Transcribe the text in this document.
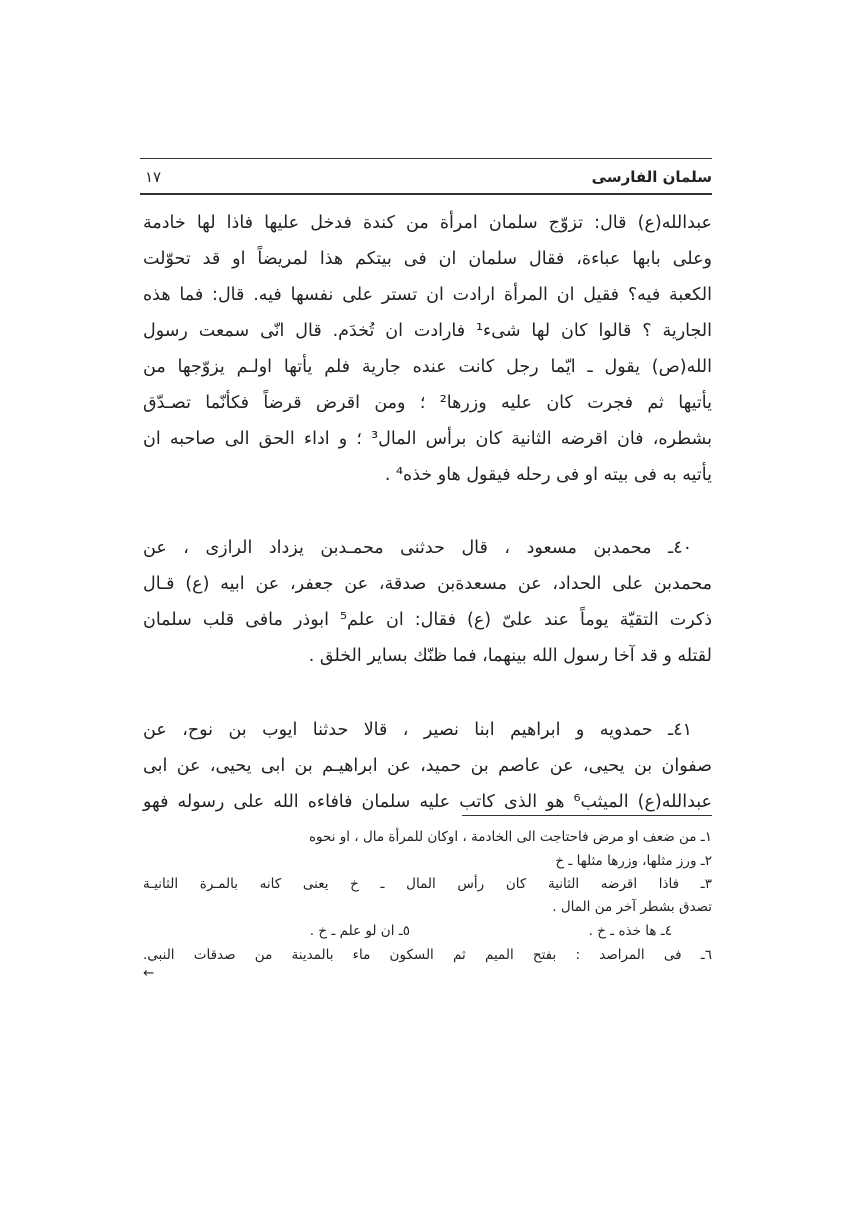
١٧	سلمان الفارسی
عبدالله(ع) قال: تزوّج سلمان امرأة من کندة فدخل علیها فاذا لها خادمة
وعلی بابها عباءة، فقال سلمان ان فی بیتکم هذا لمریضاً او قد تحوّلت
الکعبة فیه؟ فقیل ان المرأة ارادت ان تستر علی نفسها فیه. قال: فما هذه
الجاریة ؟ قالوا کان لها شیء¹ فارادت ان تُخدَم. قال انّی سمعت رسول
الله(ص) یقول ـ ایّما رجل کانت عنده جاریة فلم یأتها اولـم یزوّجها من
یأتیها ثم فجرت کان علیه وزرها² ؛ ومن اقرض قرضاً فکأنّما تصـدّق
بشطره، فان اقرضه الثانیة کان برأس المال³ ؛ و اداء الحق الی صاحبه ان
یأتیه به فی بیته او فی رحله فیقول هاو خذه⁴ .
٤٠ـ محمدبن مسعود ، قال حدثنی محمـدبن یزداد الرازی ، عن
محمدبن علی الحداد، عن مسعدةبن صدقة، عن جعفر، عن ابیه (ع) قـال
ذکرت التقیّة یوماً عند علیّ (ع) فقال: ان علم⁵ ابوذر مافی قلب سلمان
لقتله و قد آخا رسول الله بینهما، فما ظنّك بسایر الخلق .
٤١ـ حمدویه و ابراهیم ابنا نصیر ، قالا حدثنا ایوب بن نوح، عن
صفوان بن یحیی، عن عاصم بن حمید، عن ابراهیـم بن ابی یحیی، عن ابی
عبدالله(ع) المیثب⁶ هو الذی کاتب علیه سلمان فافاءه الله علی رسوله فهو
١ـ من ضعف او مرض فاحتاجت الی الخادمة ، اوکان للمرأة مال ، او نحوه
٢ـ ورز مثلها، وزرها مثلها ـ خ
٣ـ فاذا اقرضه الثانیة کان رأس المال ـ خ یعنی کانه بالمـرة الثانیـة
تصدق بشطر آخر من المال .
٤ـ ها خذه ـ خ .
٥ـ ان لو علم ـ خ .
٦ـ فی المراصد : بفتح المیم ثم السکون ماء بالمدینة من صدقات النبی.
←
